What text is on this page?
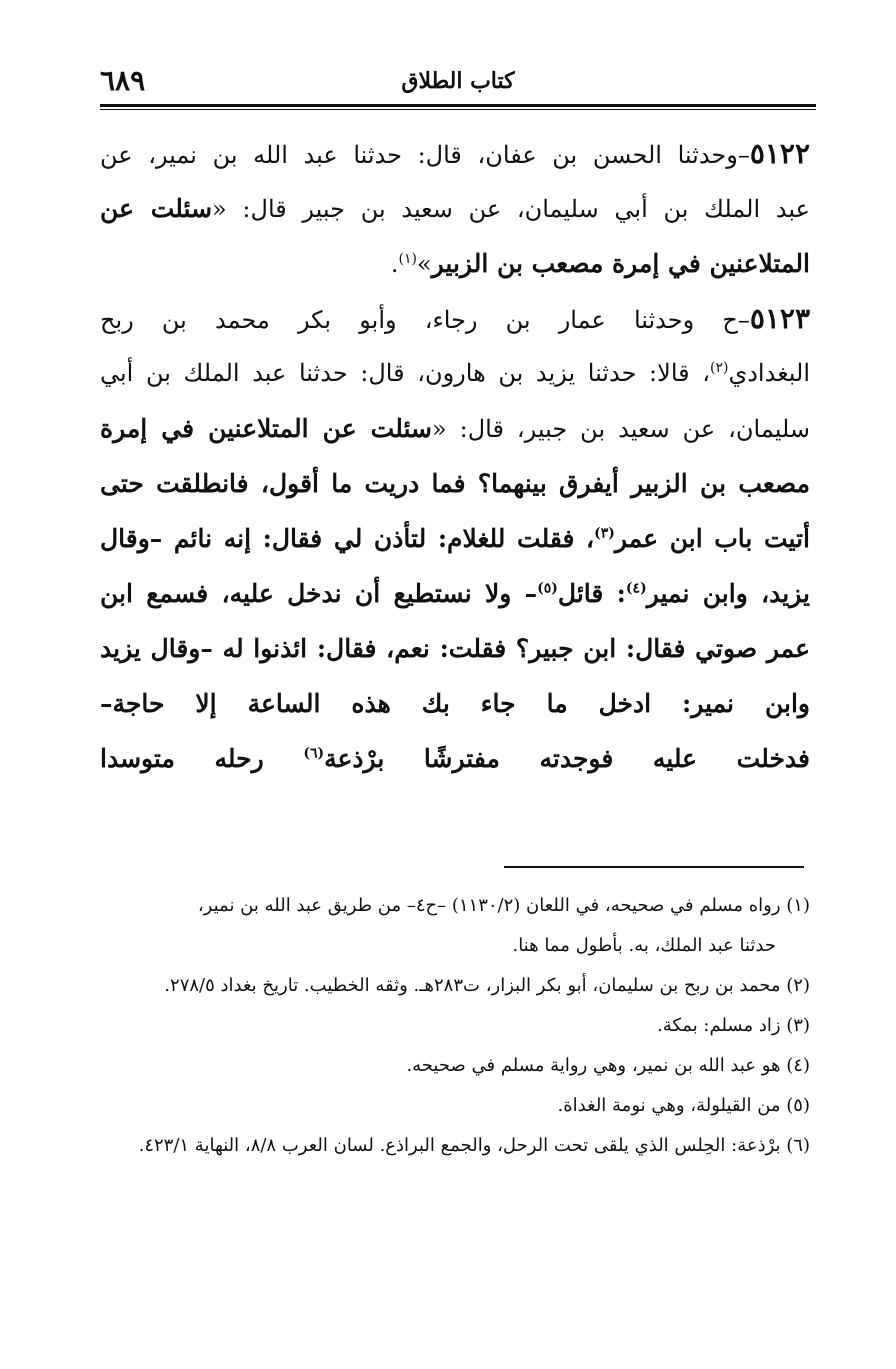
كتاب الطلاق
٦٨٩
٥١٢٢–وحدثنا الحسن بن عفان، قال: حدثنا عبد الله بن نمير، عن
عبد الملك بن أبي سليمان، عن سعيد بن جبير قال: «سئلت عن
المتلاعنين في إمرة مصعب بن الزبير»$^{(١)}$.
٥١٢٣–ح وحدثنا عمار بن رجاء، وأبو بكر محمد بن ربح
البغدادي$^{(٢)}$، قالا: حدثنا يزيد بن هارون، قال: حدثنا عبد الملك بن أبي
سليمان، عن سعيد بن جبير، قال: «سئلت عن المتلاعنين في إمرة
مصعب بن الزبير أيفرق بينهما؟ فما دريت ما أقول، فانطلقت حتى
أتيت باب ابن عمر$^{(٣)}$، فقلت للغلام: لتأذن لي فقال: إنه نائم –وقال
يزيد، وابن نمير$^{(٤)}$: قائل$^{(٥)}$– ولا نستطيع أن ندخل عليه، فسمع ابن
عمر صوتي فقال: ابن جبير؟ فقلت: نعم، فقال: ائذنوا له –وقال يزيد
وابن نمير: ادخل ما جاء بك هذه الساعة إلا حاجة–
فدخلت عليه فوجدته مفترشًا برْذعة$^{(٦)}$ رحله متوسدا
(١) رواه مسلم في صحيحه، في اللعان (١١٣٠/٢) –ح٤– من طريق عبد الله بن نمير،
حدثنا عبد الملك، به. بأطول مما هنا.
(٢) محمد بن ربح بن سليمان، أبو بكر البزار، ت٢٨٣هـ. وثقه الخطيب. تاريخ بغداد ٢٧٨/٥.
(٣) زاد مسلم: بمكة.
(٤) هو عبد الله بن نمير، وهي رواية مسلم في صحيحه.
(٥) من القيلولة، وهي نومة الغداة.
(٦) برْذعة: الحِلس الذي يلقى تحت الرحل، والجمع البراذع. لسان العرب ٨/٨، النهاية ٤٢٣/١.
